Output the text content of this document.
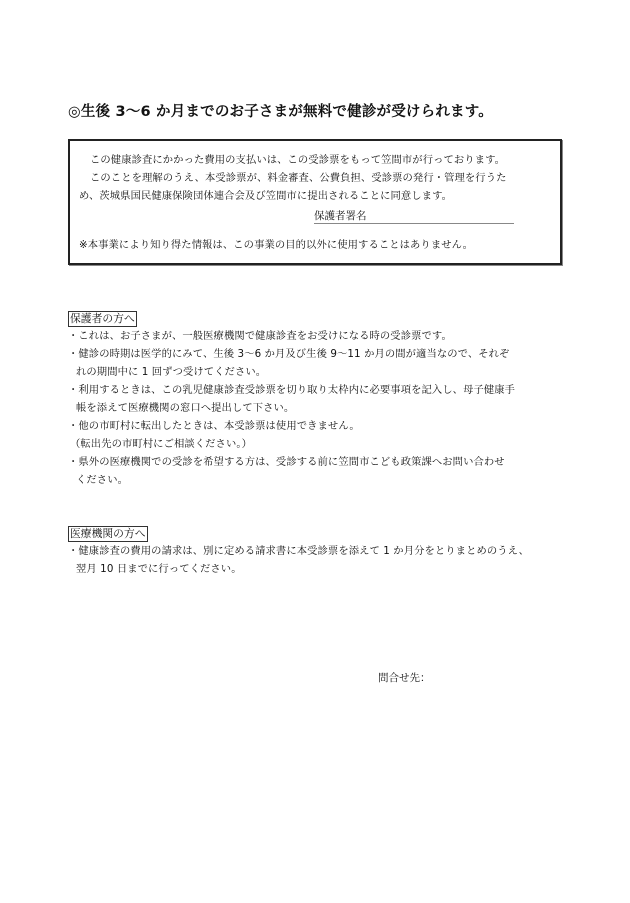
◎生後 3〜6 か月までのお子さまが無料で健診が受けられます。
この健康診査にかかった費用の支払いは、この受診票をもって笠間市が行っております。
このことを理解のうえ、本受診票が、料金審査、公費負担、受診票の発行・管理を行うた
め、茨城県国民健康保険団体連合会及び笠間市に提出されることに同意します。
保護者署名
※本事業により知り得た情報は、この事業の目的以外に使用することはありません。
保護者の方へ
・これは、お子さまが、一般医療機関で健康診査をお受けになる時の受診票です。
・健診の時期は医学的にみて、生後 3〜6 か月及び生後 9〜11 か月の間が適当なので、それぞ
れの期間中に 1 回ずつ受けてください。
・利用するときは、この乳児健康診査受診票を切り取り太枠内に必要事項を記入し、母子健康手
帳を添えて医療機関の窓口へ提出して下さい。
・他の市町村に転出したときは、本受診票は使用できません。
（転出先の市町村にご相談ください。）
・県外の医療機関での受診を希望する方は、受診する前に笠間市こども政策課へお問い合わせ
ください。
医療機関の方へ
・健康診査の費用の請求は、別に定める請求書に本受診票を添えて 1 か月分をとりまとめのうえ、
翌月 10 日までに行ってください。
問合せ先：
